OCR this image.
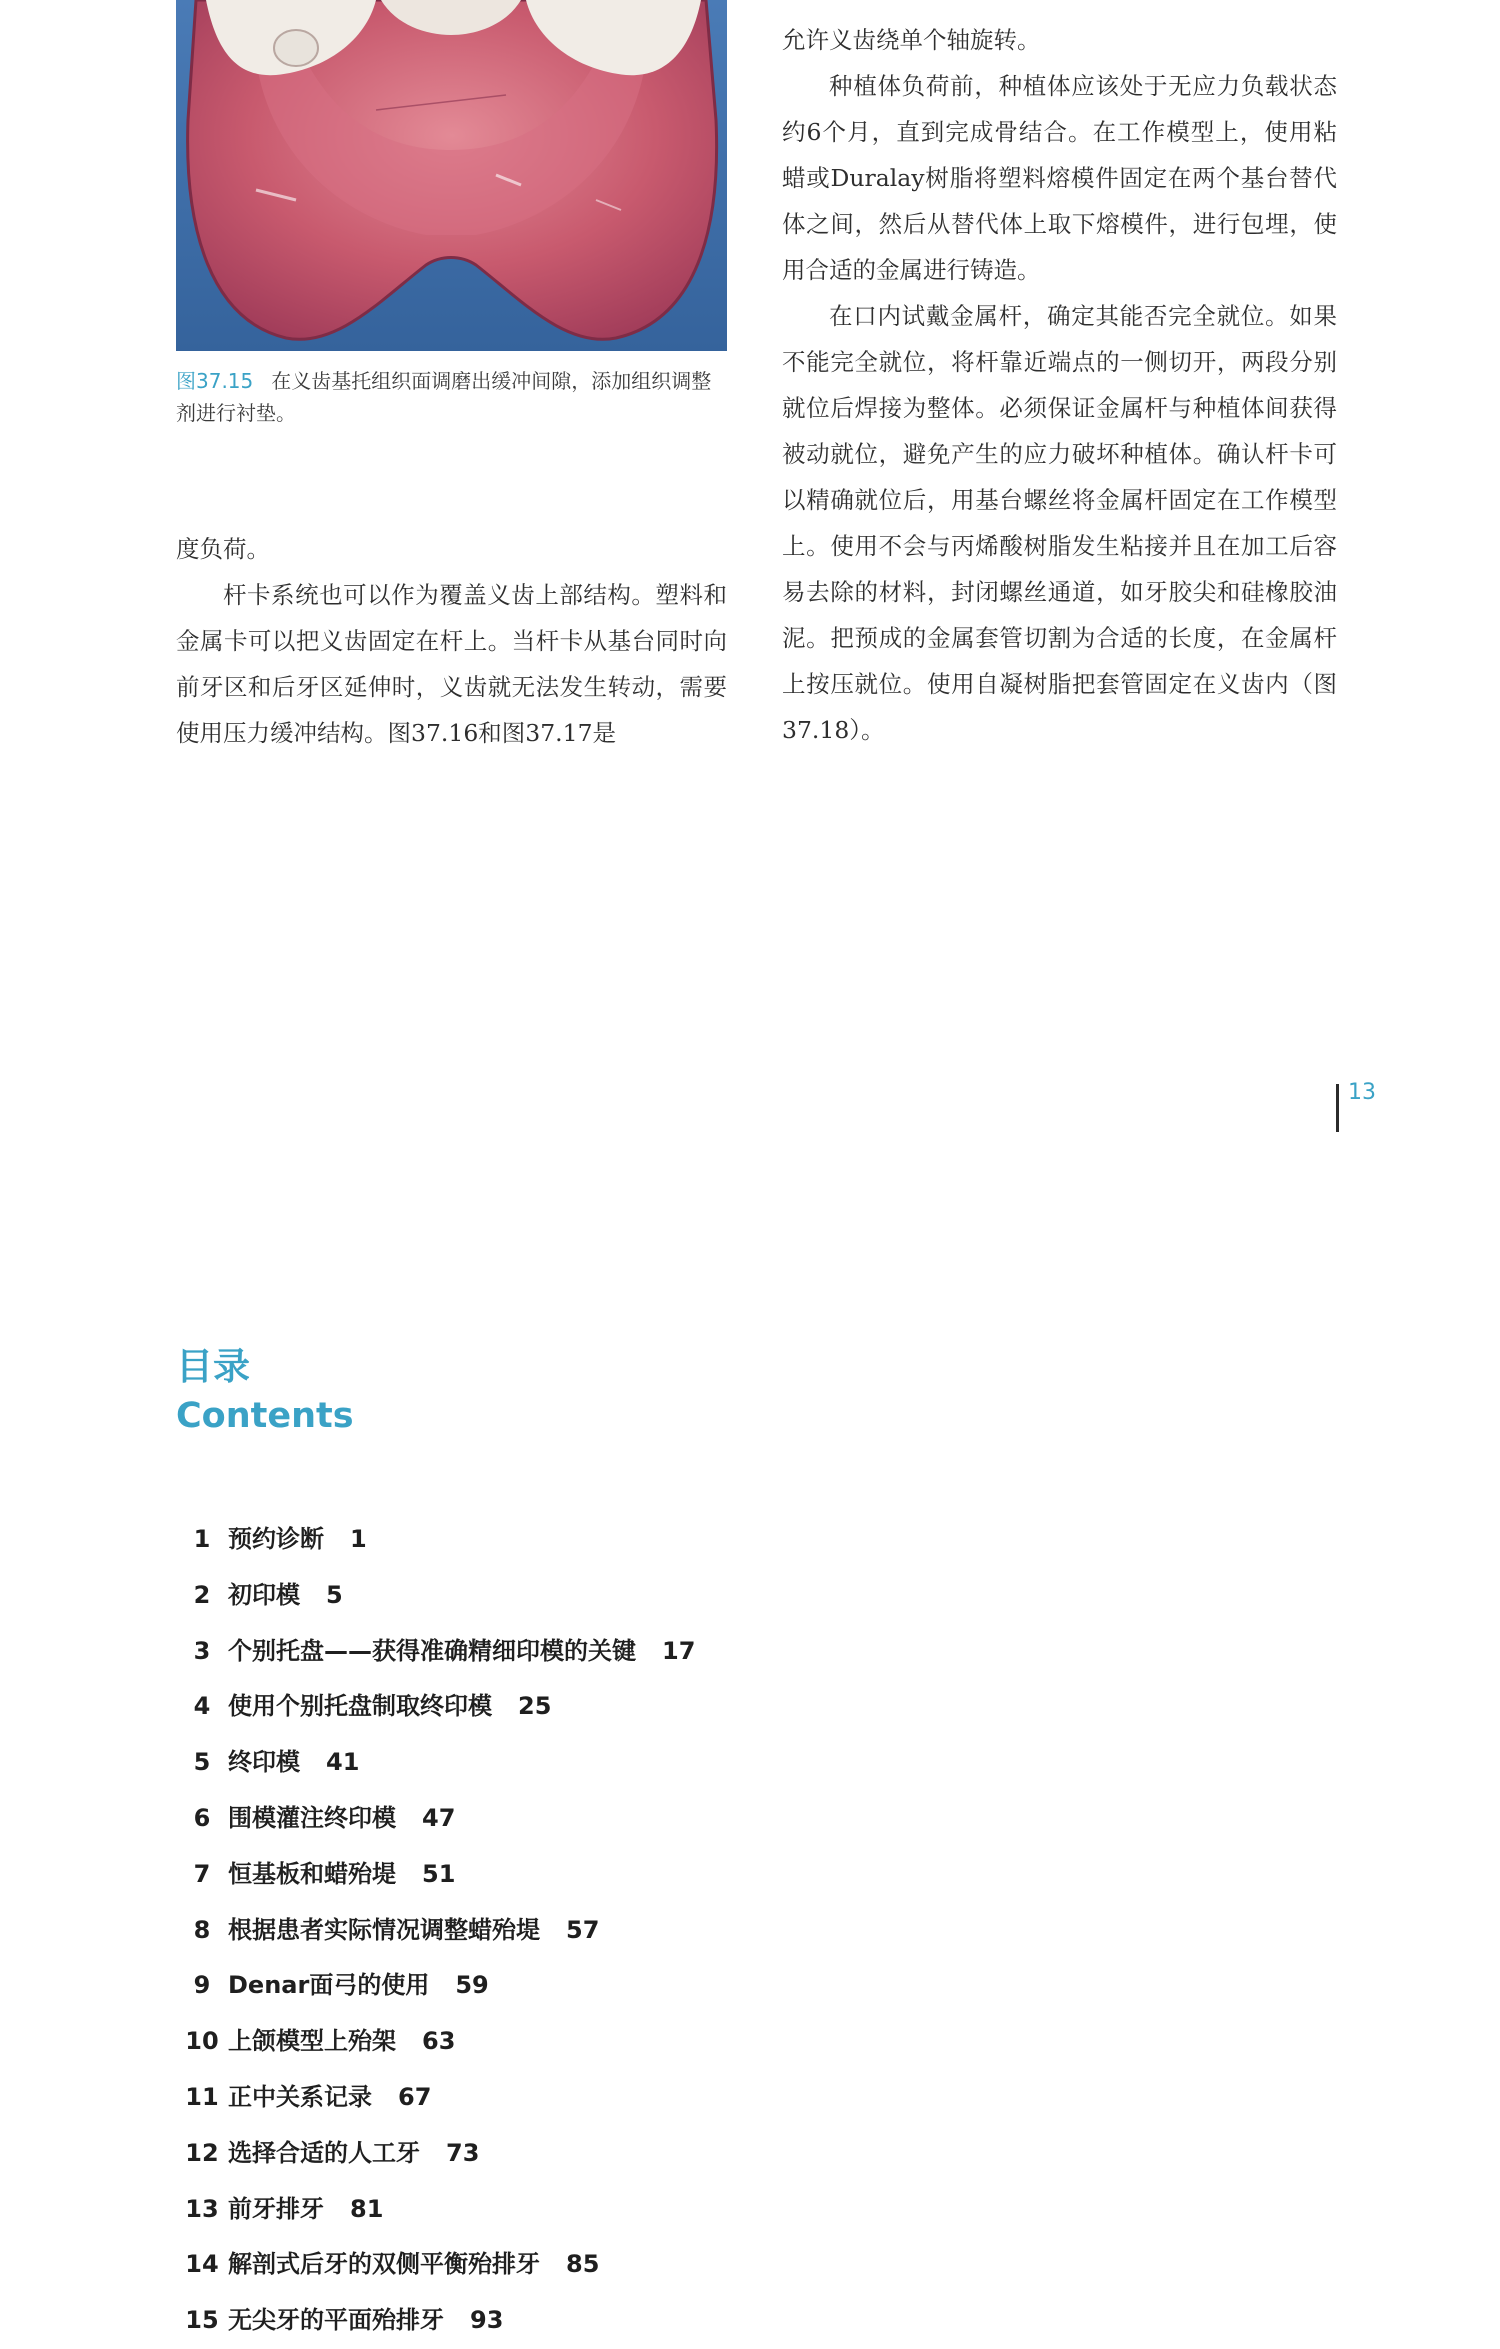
图37.15 在义齿基托组织面调磨出缓冲间隙，添加组织调整剂进行衬垫。

度负荷。

杆卡系统也可以作为覆盖义齿上部结构。塑料和金属卡可以把义齿固定在杆上。当杆卡从基台同时向前牙区和后牙区延伸时，义齿就无法发生转动，需要使用压力缓冲结构。图37.16和图37.17是

允许义齿绕单个轴旋转。

种植体负荷前，种植体应该处于无应力负载状态约6个月，直到完成骨结合。在工作模型上，使用粘蜡或Duralay树脂将塑料熔模件固定在两个基台替代体之间，然后从替代体上取下熔模件，进行包埋，使用合适的金属进行铸造。

在口内试戴金属杆，确定其能否完全就位。如果不能完全就位，将杆靠近端点的一侧切开，两段分别就位后焊接为整体。必须保证金属杆与种植体间获得被动就位，避免产生的应力破坏种植体。确认杆卡可以精确就位后，用基台螺丝将金属杆固定在工作模型上。使用不会与丙烯酸树脂发生粘接并且在加工后容易去除的材料，封闭螺丝通道，如牙胶尖和硅橡胶油泥。把预成的金属套管切割为合适的长度，在金属杆上按压就位。使用自凝树脂把套管固定在义齿内（图37.18）。

13
目录
Contents
1 预约诊断 1
2 初印模 5
3 个别托盘——获得准确精细印模的关键 17
4 使用个别托盘制取终印模 25
5 终印模 41
6 围模灌注终印模 47
7 恒基板和蜡殆堤 51
8 根据患者实际情况调整蜡殆堤 57
9 Denar面弓的使用 59
10 上颌模型上殆架 63
11 正中关系记录 67
12 选择合适的人工牙 73
13 前牙排牙 81
14 解剖式后牙的双侧平衡殆排牙 85
15 无尖牙的平面殆排牙 93
